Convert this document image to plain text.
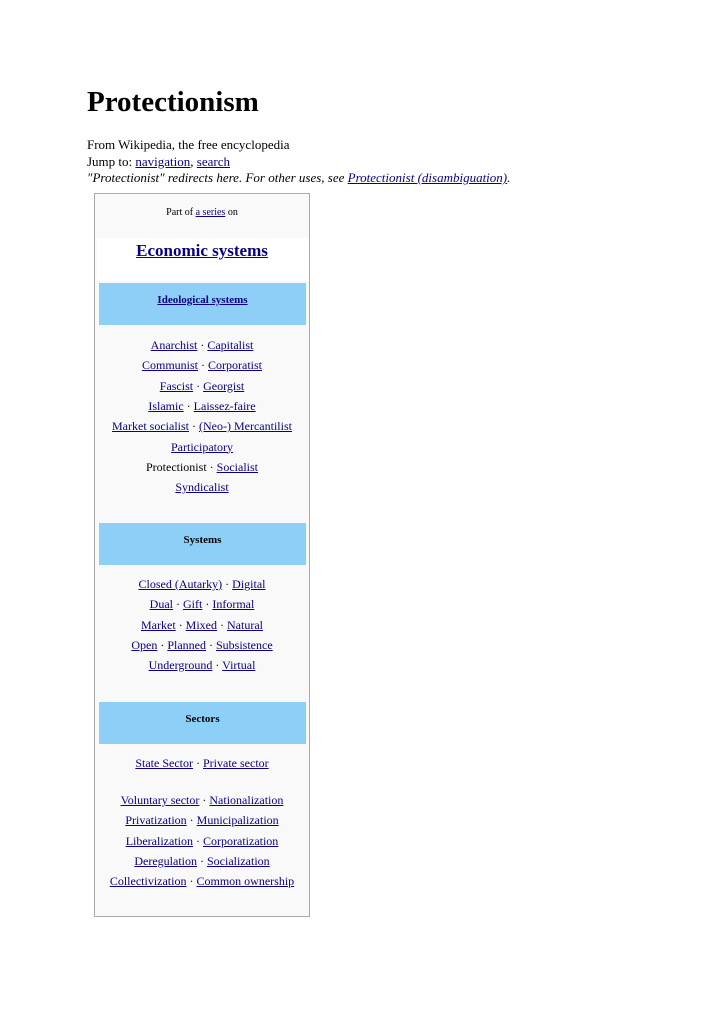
Protectionism
From Wikipedia, the free encyclopedia
Jump to: navigation, search
"Protectionist" redirects here. For other uses, see Protectionist (disambiguation).
Part of a series on
Economic systems
Ideological systems
Anarchist · Capitalist
Communist · Corporatist
Fascist · Georgist
Islamic · Laissez-faire
Market socialist · (Neo-) Mercantilist
Participatory
Protectionist · Socialist
Syndicalist
Systems
Closed (Autarky) · Digital
Dual · Gift · Informal
Market · Mixed · Natural
Open · Planned · Subsistence
Underground · Virtual
Sectors
State Sector · Private sector
Voluntary sector · Nationalization
Privatization · Municipalization
Liberalization · Corporatization
Deregulation · Socialization
Collectivization · Common ownership
